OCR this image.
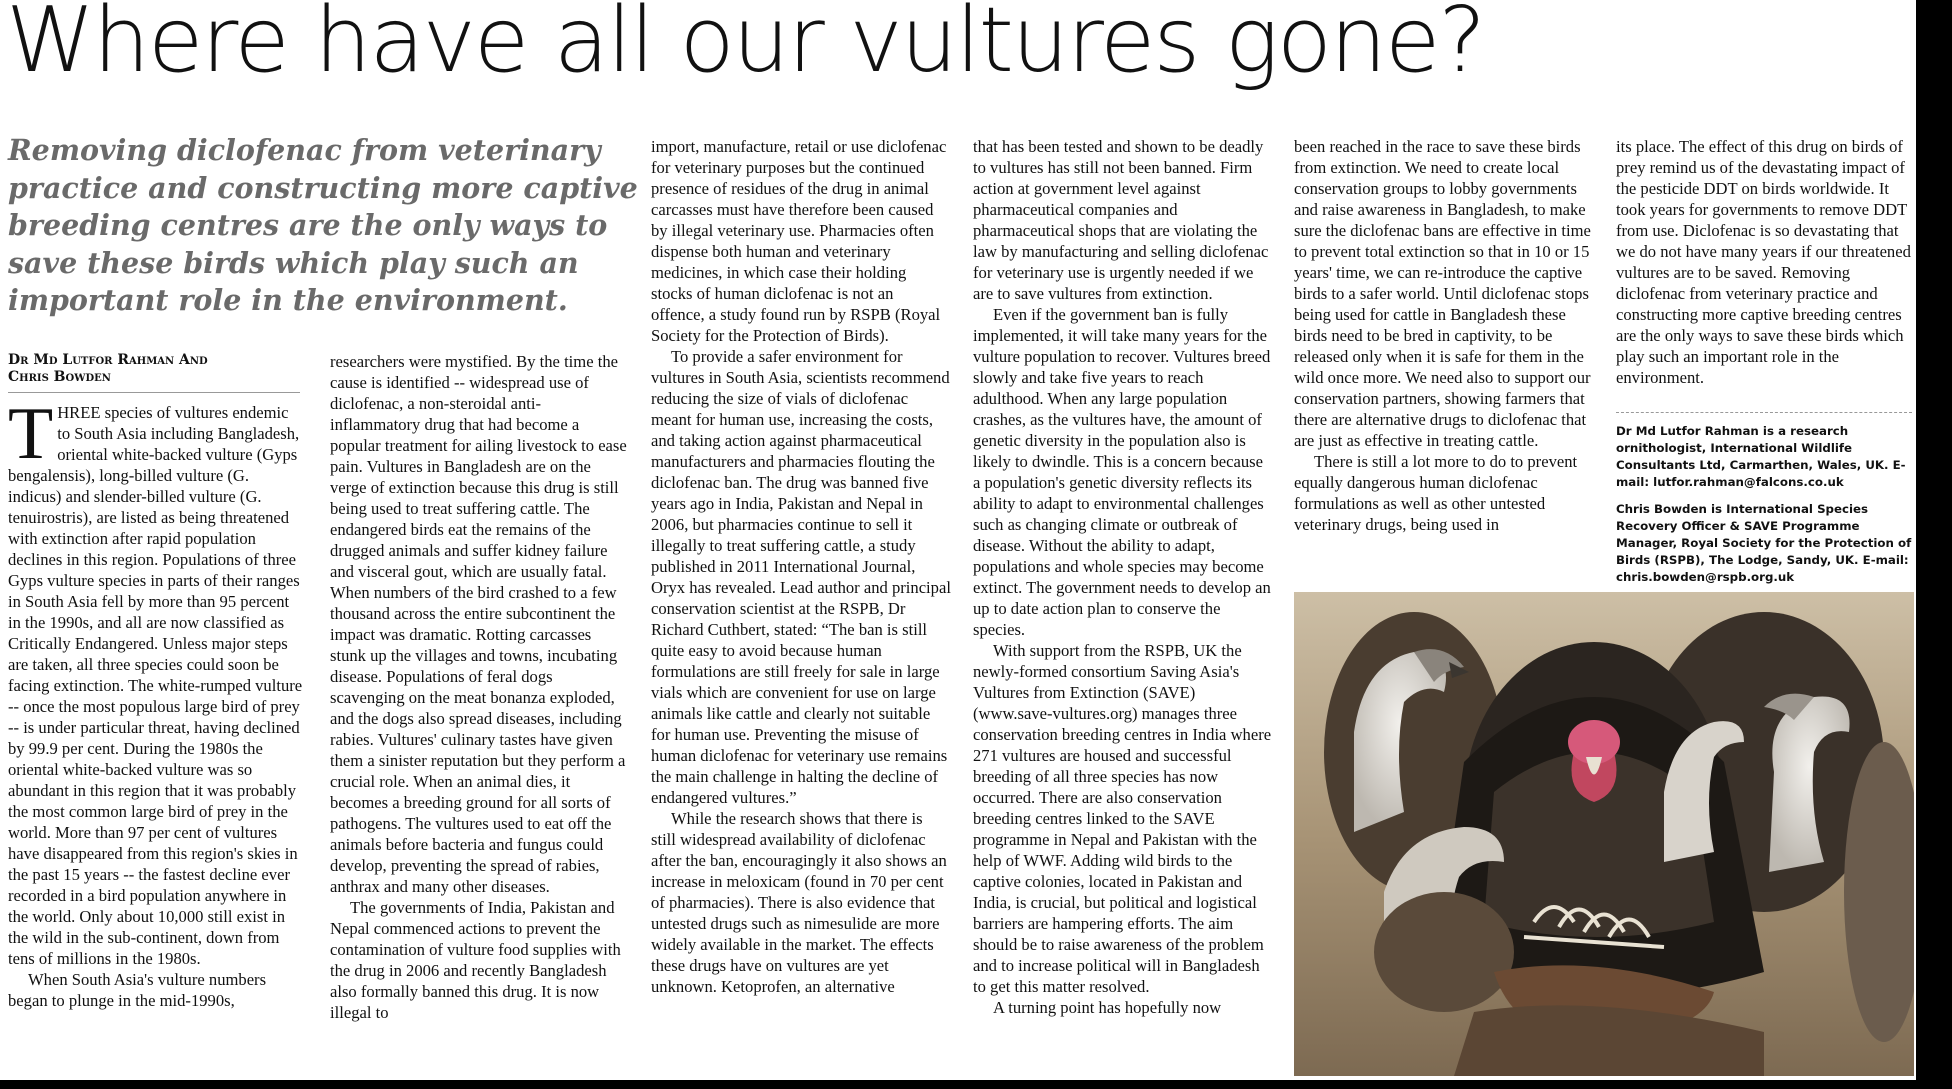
Where have all our vultures gone?

Removing diclofenac from veterinary practice and constructing more captive breeding centres are the only ways to save these birds which play such an important role in the environment.

Dr Md Lutfor Rahman And
Chris Bowden

THREE species of vultures endemic to South Asia including Bangladesh, oriental white-backed vulture (Gyps bengalensis), long-billed vulture (G. indicus) and slender-billed vulture (G. tenuirostris), are listed as being threatened with extinction after rapid population declines in this region. Populations of three Gyps vulture species in parts of their ranges in South Asia fell by more than 95 percent in the 1990s, and all are now classified as Critically Endangered. Unless major steps are taken, all three species could soon be facing extinction. The white-rumped vulture -- once the most populous large bird of prey -- is under particular threat, having declined by 99.9 per cent. During the 1980s the oriental white-backed vulture was so abundant in this region that it was probably the most common large bird of prey in the world. More than 97 per cent of vultures have disappeared from this region's skies in the past 15 years -- the fastest decline ever recorded in a bird population anywhere in the world. Only about 10,000 still exist in the wild in the sub-continent, down from tens of millions in the 1980s.

When South Asia's vulture numbers began to plunge in the mid-1990s,

researchers were mystified. By the time the cause is identified -- widespread use of diclofenac, a non-steroidal anti-inflammatory drug that had become a popular treatment for ailing livestock to ease pain. Vultures in Bangladesh are on the verge of extinction because this drug is still being used to treat suffering cattle. The endangered birds eat the remains of the drugged animals and suffer kidney failure and visceral gout, which are usually fatal. When numbers of the bird crashed to a few thousand across the entire subcontinent the impact was dramatic. Rotting carcasses stunk up the villages and towns, incubating disease. Populations of feral dogs scavenging on the meat bonanza exploded, and the dogs also spread diseases, including rabies. Vultures' culinary tastes have given them a sinister reputation but they perform a crucial role. When an animal dies, it becomes a breeding ground for all sorts of pathogens. The vultures used to eat off the animals before bacteria and fungus could develop, preventing the spread of rabies, anthrax and many other diseases.

The governments of India, Pakistan and Nepal commenced actions to prevent the contamination of vulture food supplies with the drug in 2006 and recently Bangladesh also formally banned this drug. It is now illegal to

import, manufacture, retail or use diclofenac for veterinary purposes but the continued presence of residues of the drug in animal carcasses must have therefore been caused by illegal veterinary use. Pharmacies often dispense both human and veterinary medicines, in which case their holding stocks of human diclofenac is not an offence, a study found run by RSPB (Royal Society for the Protection of Birds).

To provide a safer environment for vultures in South Asia, scientists recommend reducing the size of vials of diclofenac meant for human use, increasing the costs, and taking action against pharmaceutical manufacturers and pharmacies flouting the diclofenac ban. The drug was banned five years ago in India, Pakistan and Nepal in 2006, but pharmacies continue to sell it illegally to treat suffering cattle, a study published in 2011 International Journal, Oryx has revealed. Lead author and principal conservation scientist at the RSPB, Dr Richard Cuthbert, stated: “The ban is still quite easy to avoid because human formulations are still freely for sale in large vials which are convenient for use on large animals like cattle and clearly not suitable for human use. Preventing the misuse of human diclofenac for veterinary use remains the main challenge in halting the decline of endangered vultures.”

While the research shows that there is still widespread availability of diclofenac after the ban, encouragingly it also shows an increase in meloxicam (found in 70 per cent of pharmacies). There is also evidence that untested drugs such as nimesulide are more widely available in the market. The effects these drugs have on vultures are yet unknown. Ketoprofen, an alternative

that has been tested and shown to be deadly to vultures has still not been banned. Firm action at government level against pharmaceutical companies and pharmaceutical shops that are violating the law by manufacturing and selling diclofenac for veterinary use is urgently needed if we are to save vultures from extinction.

Even if the government ban is fully implemented, it will take many years for the vulture population to recover. Vultures breed slowly and take five years to reach adulthood. When any large population crashes, as the vultures have, the amount of genetic diversity in the population also is likely to dwindle. This is a concern because a population's genetic diversity reflects its ability to adapt to environmental challenges such as changing climate or outbreak of disease. Without the ability to adapt, populations and whole species may become extinct. The government needs to develop an up to date action plan to conserve the species.

With support from the RSPB, UK the newly-formed consortium Saving Asia's Vultures from Extinction (SAVE) (www.save-vultures.org) manages three conservation breeding centres in India where 271 vultures are housed and successful breeding of all three species has now occurred. There are also conservation breeding centres linked to the SAVE programme in Nepal and Pakistan with the help of WWF. Adding wild birds to the captive colonies, located in Pakistan and India, is crucial, but political and logistical barriers are hampering efforts. The aim should be to raise awareness of the problem and to increase political will in Bangladesh to get this matter resolved.

A turning point has hopefully now

been reached in the race to save these birds from extinction. We need to create local conservation groups to lobby governments and raise awareness in Bangladesh, to make sure the diclofenac bans are effective in time to prevent total extinction so that in 10 or 15 years' time, we can re-introduce the captive birds to a safer world. Until diclofenac stops being used for cattle in Bangladesh these birds need to be bred in captivity, to be released only when it is safe for them in the wild once more. We need also to support our conservation partners, showing farmers that there are alternative drugs to diclofenac that are just as effective in treating cattle.

There is still a lot more to do to prevent equally dangerous human diclofenac formulations as well as other untested veterinary drugs, being used in

its place. The effect of this drug on birds of prey remind us of the devastating impact of the pesticide DDT on birds worldwide. It took years for governments to remove DDT from use. Diclofenac is so devastating that we do not have many years if our threatened vultures are to be saved. Removing diclofenac from veterinary practice and constructing more captive breeding centres are the only ways to save these birds which play such an important role in the environment.

Dr Md Lutfor Rahman is a research ornithologist, International Wildlife Consultants Ltd, Carmarthen, Wales, UK. E-mail: lutfor.rahman@falcons.co.uk

Chris Bowden is International Species Recovery Officer & SAVE Programme Manager, Royal Society for the Protection of Birds (RSPB), The Lodge, Sandy, UK. E-mail: chris.bowden@rspb.org.uk
